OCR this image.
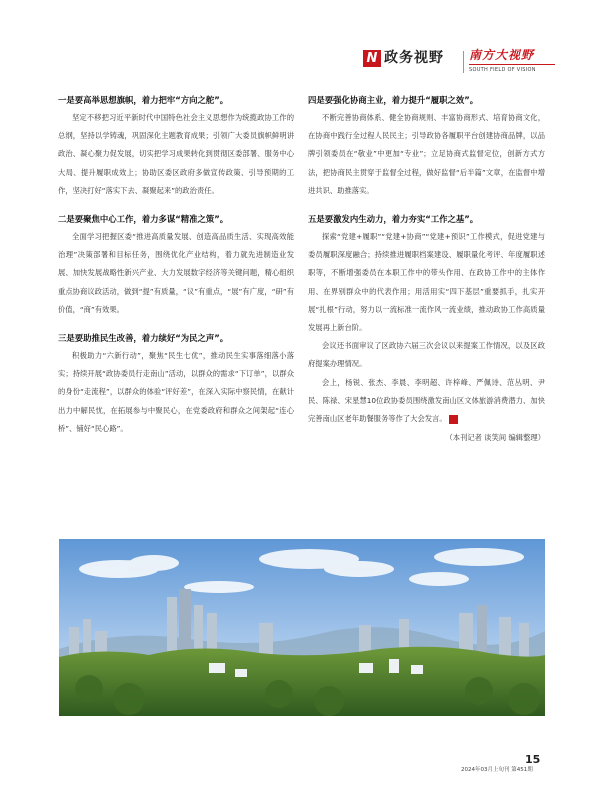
N 政务视野 南方大视野
SOUTH FIELD OF VISION

一是要高举思想旗帜，着力把牢“方向之舵”。

坚定不移把习近平新时代中国特色社会主义思想作为统揽政协工作的总纲，坚持以学铸魂，巩固深化主题教育成果；引领广大委员旗帜鲜明讲政治、凝心聚力促发展，切实把学习成果转化到贯彻区委部署、服务中心大局、提升履职成效上；协助区委区政府多做宣传政策、引导预期的工作，坚决打好“落实下去、凝聚起来”的政治责任。

二是要聚焦中心工作，着力多谋“精准之策”。

全面学习把握区委“推进高质量发展、创造高品质生活、实现高效能治理”决策部署和目标任务，围绕优化产业结构，着力就先进制造业发展、加快发展战略性新兴产业、大力发展数字经济等关键问题，精心组织重点协商议政活动，做到“提”有质量，“议”有重点，“展”有广度，“研”有价值，“商”有效果。

三是要助推民生改善，着力续好“为民之声”。

积极助力“六新行动”，聚焦“民生七优”，推动民生实事落细落小落实；持续开展“政协委员行走南山”活动，以群众的需求“下订单”，以群众的身份“走流程”，以群众的体验“评好差”，在深入实际中察民情，在献计出力中解民忧，在拓展参与中聚民心，在党委政府和群众之间架起“连心桥”、铺好“民心路”。

四是要强化协商主业，着力提升“履职之效”。

不断完善协商体系、健全协商规则、丰富协商形式、培育协商文化，在协商中践行全过程人民民主；引导政协各履职平台创建协商品牌，以品牌引领委员在“敬业”中更加“专业”；立足协商式监督定位，创新方式方法，把协商民主贯穿于监督全过程，做好监督“后半篇”文章，在监督中增进共识、助推落实。

五是要激发内生动力，着力夯实“工作之基”。

探索“党建+履职”“党建+协商”“党建+预识”工作模式，促进党建与委员履职深度融合；持续推进履职档案建设、履职量化考评、年度履职述职等，不断增强委员在本职工作中的带头作用、在政协工作中的主体作用、在界别群众中的代表作用；用活用实“四下基层”重要抓手，扎实开展“扎根”行动，努力以一流标准一流作风一流业绩，推动政协工作高质量发展再上新台阶。

会议还书面审议了区政协六届三次会议以来提案工作情况，以及区政府提案办理情况。

会上，杨锐、张杰、李晨、李明超、许梓峰、严佩诗、范丛明、尹民、陈禄、宋星慧10位政协委员围绕激发南山区文体旅游消费潜力、加快完善南山区老年助餐服务等作了大会发言。 N

（本刊记者 谈笑间 编辑整理）
15
2024年03月上旬刊 第451期
